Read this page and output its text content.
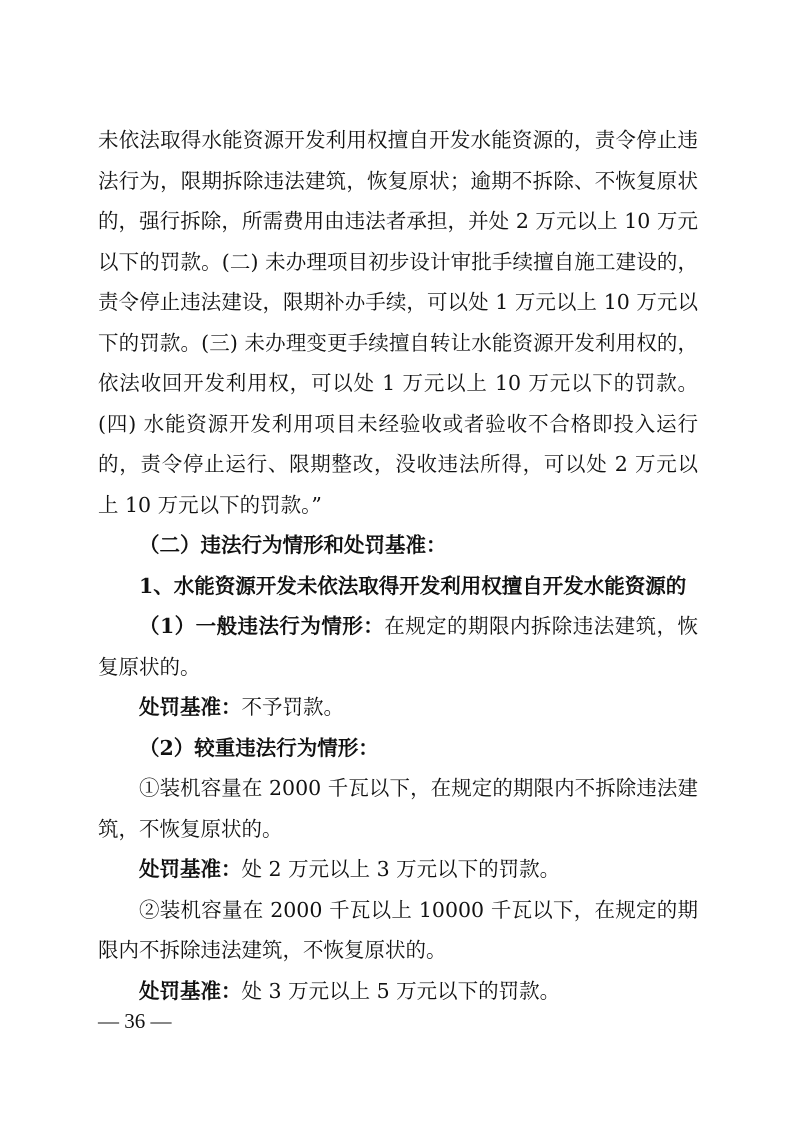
未依法取得水能资源开发利用权擅自开发水能资源的，责令停止违法行为，限期拆除违法建筑，恢复原状；逾期不拆除、不恢复原状的，强行拆除，所需费用由违法者承担，并处 2 万元以上 10 万元以下的罚款。(二) 未办理项目初步设计审批手续擅自施工建设的，责令停止违法建设，限期补办手续，可以处 1 万元以上 10 万元以下的罚款。(三) 未办理变更手续擅自转让水能资源开发利用权的，依法收回开发利用权，可以处 1 万元以上 10 万元以下的罚款。(四) 水能资源开发利用项目未经验收或者验收不合格即投入运行的，责令停止运行、限期整改，没收违法所得，可以处 2 万元以上 10 万元以下的罚款。”

（二）违法行为情形和处罚基准：

1、水能资源开发未依法取得开发利用权擅自开发水能资源的

（1）一般违法行为情形：在规定的期限内拆除违法建筑，恢复原状的。

处罚基准：不予罚款。

（2）较重违法行为情形：

①装机容量在 2000 千瓦以下，在规定的期限内不拆除违法建筑，不恢复原状的。

处罚基准：处 2 万元以上 3 万元以下的罚款。

②装机容量在 2000 千瓦以上 10000 千瓦以下，在规定的期限内不拆除违法建筑，不恢复原状的。

处罚基准：处 3 万元以上 5 万元以下的罚款。

— 36 —
